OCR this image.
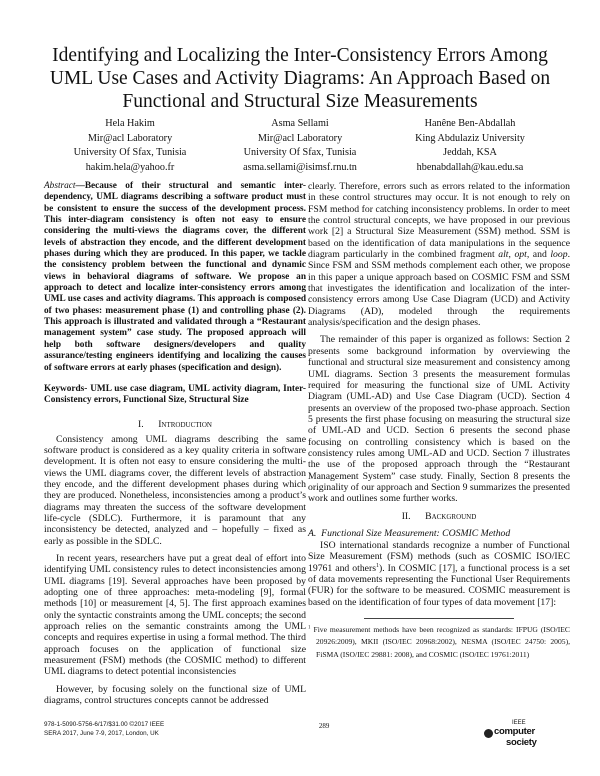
Identifying and Localizing the Inter-Consistency Errors Among UML Use Cases and Activity Diagrams: An Approach Based on Functional and Structural Size Measurements
Hela Hakim
Mir@acl Laboratory
University Of Sfax, Tunisia
hakim.hela@yahoo.fr
Asma Sellami
Mir@acl Laboratory
University Of Sfax, Tunisia
asma.sellami@isimsf.rnu.tn
Hanêne Ben-Abdallah
King Abdulaziz University
Jeddah, KSA
hbenabdallah@kau.edu.sa
Abstract—Because of their structural and semantic inter-dependency, UML diagrams describing a software product must be consistent to ensure the success of the development process. This inter-diagram consistency is often not easy to ensure considering the multi-views the diagrams cover, the different levels of abstraction they encode, and the different development phases during which they are produced. In this paper, we tackle the consistency problem between the functional and dynamic views in behavioral diagrams of software. We propose an approach to detect and localize inter-consistency errors among UML use cases and activity diagrams. This approach is composed of two phases: measurement phase (1) and controlling phase (2). This approach is illustrated and validated through a “Restaurant management system” case study. The proposed approach will help both software designers/developers and quality assurance/testing engineers identifying and localizing the causes of software errors at early phases (specification and design).
Keywords- UML use case diagram, UML activity diagram, Inter-Consistency errors, Functional Size, Structural Size
I.      Introduction
Consistency among UML diagrams describing the same software product is considered as a key quality criteria in software development. It is often not easy to ensure considering the multi-views the UML diagrams cover, the different levels of abstraction they encode, and the different development phases during which they are produced. Nonetheless, inconsistencies among a product’s diagrams may threaten the success of the software development life-cycle (SDLC). Furthermore, it is paramount that any inconsistency be detected, analyzed and – hopefully – fixed as early as possible in the SDLC.
In recent years, researchers have put a great deal of effort into identifying UML consistency rules to detect inconsistencies among UML diagrams [19]. Several approaches have been proposed by adopting one of three approaches: meta-modeling [9], formal methods [10] or measurement [4, 5]. The first approach examines only the syntactic constraints among the UML concepts; the second approach relies on the semantic constraints among the UML concepts and requires expertise in using a formal method. The third approach focuses on the application of functional size measurement (FSM) methods (the COSMIC method) to different UML diagrams to detect potential inconsistencies
However, by focusing solely on the functional size of UML diagrams, control structures concepts cannot be addressed
clearly. Therefore, errors such as errors related to the information in these control structures may occur. It is not enough to rely on FSM method for catching inconsistency problems. In order to meet the control structural concepts, we have proposed in our previous work [2] a Structural Size Measurement (SSM) method. SSM is based on the identification of data manipulations in the sequence diagram particularly in the combined fragment alt, opt, and loop. Since FSM and SSM methods complement each other, we propose in this paper a unique approach based on COSMIC FSM and SSM that investigates the identification and localization of the inter-consistency errors among Use Case Diagram (UCD) and Activity Diagrams (AD), modeled through the requirements analysis/specification and the design phases.
The remainder of this paper is organized as follows: Section 2 presents some background information by overviewing the functional and structural size measurement and consistency among UML diagrams. Section 3 presents the measurement formulas required for measuring the functional size of UML Activity Diagram (UML-AD) and Use Case Diagram (UCD). Section 4 presents an overview of the proposed two-phase approach. Section 5 presents the first phase focusing on measuring the structural size of UML-AD and UCD. Section 6 presents the second phase focusing on controlling consistency which is based on the consistency rules among UML-AD and UCD. Section 7 illustrates the use of the proposed approach through the “Restaurant Management System” case study. Finally, Section 8 presents the originality of our approach and Section 9 summarizes the presented work and outlines some further works.
II.      Background
A.  Functional Size Measurement: COSMIC Method
ISO international standards recognize a number of Functional Size Measurement (FSM) methods (such as COSMIC ISO/IEC 19761 and others$^1$). In COSMIC [17], a functional process is a set of data movements representing the Functional User Requirements (FUR) for the software to be measured. COSMIC measurement is based on the identification of four types of data movement [17]:
$^1$ Five measurement methods have been recognized as standards: IFPUG (ISO/IEC 20926:2009), MKII (ISO/IEC 20968:2002), NESMA (ISO/IEC 24750: 2005), FiSMA (ISO/IEC 29881: 2008), and COSMIC (ISO/IEC 19761:2011)
978-1-5090-5756-6/17/$31.00 ©2017 IEEE
SERA 2017, June 7-9, 2017, London, UK
289	IEEE
computer
society
